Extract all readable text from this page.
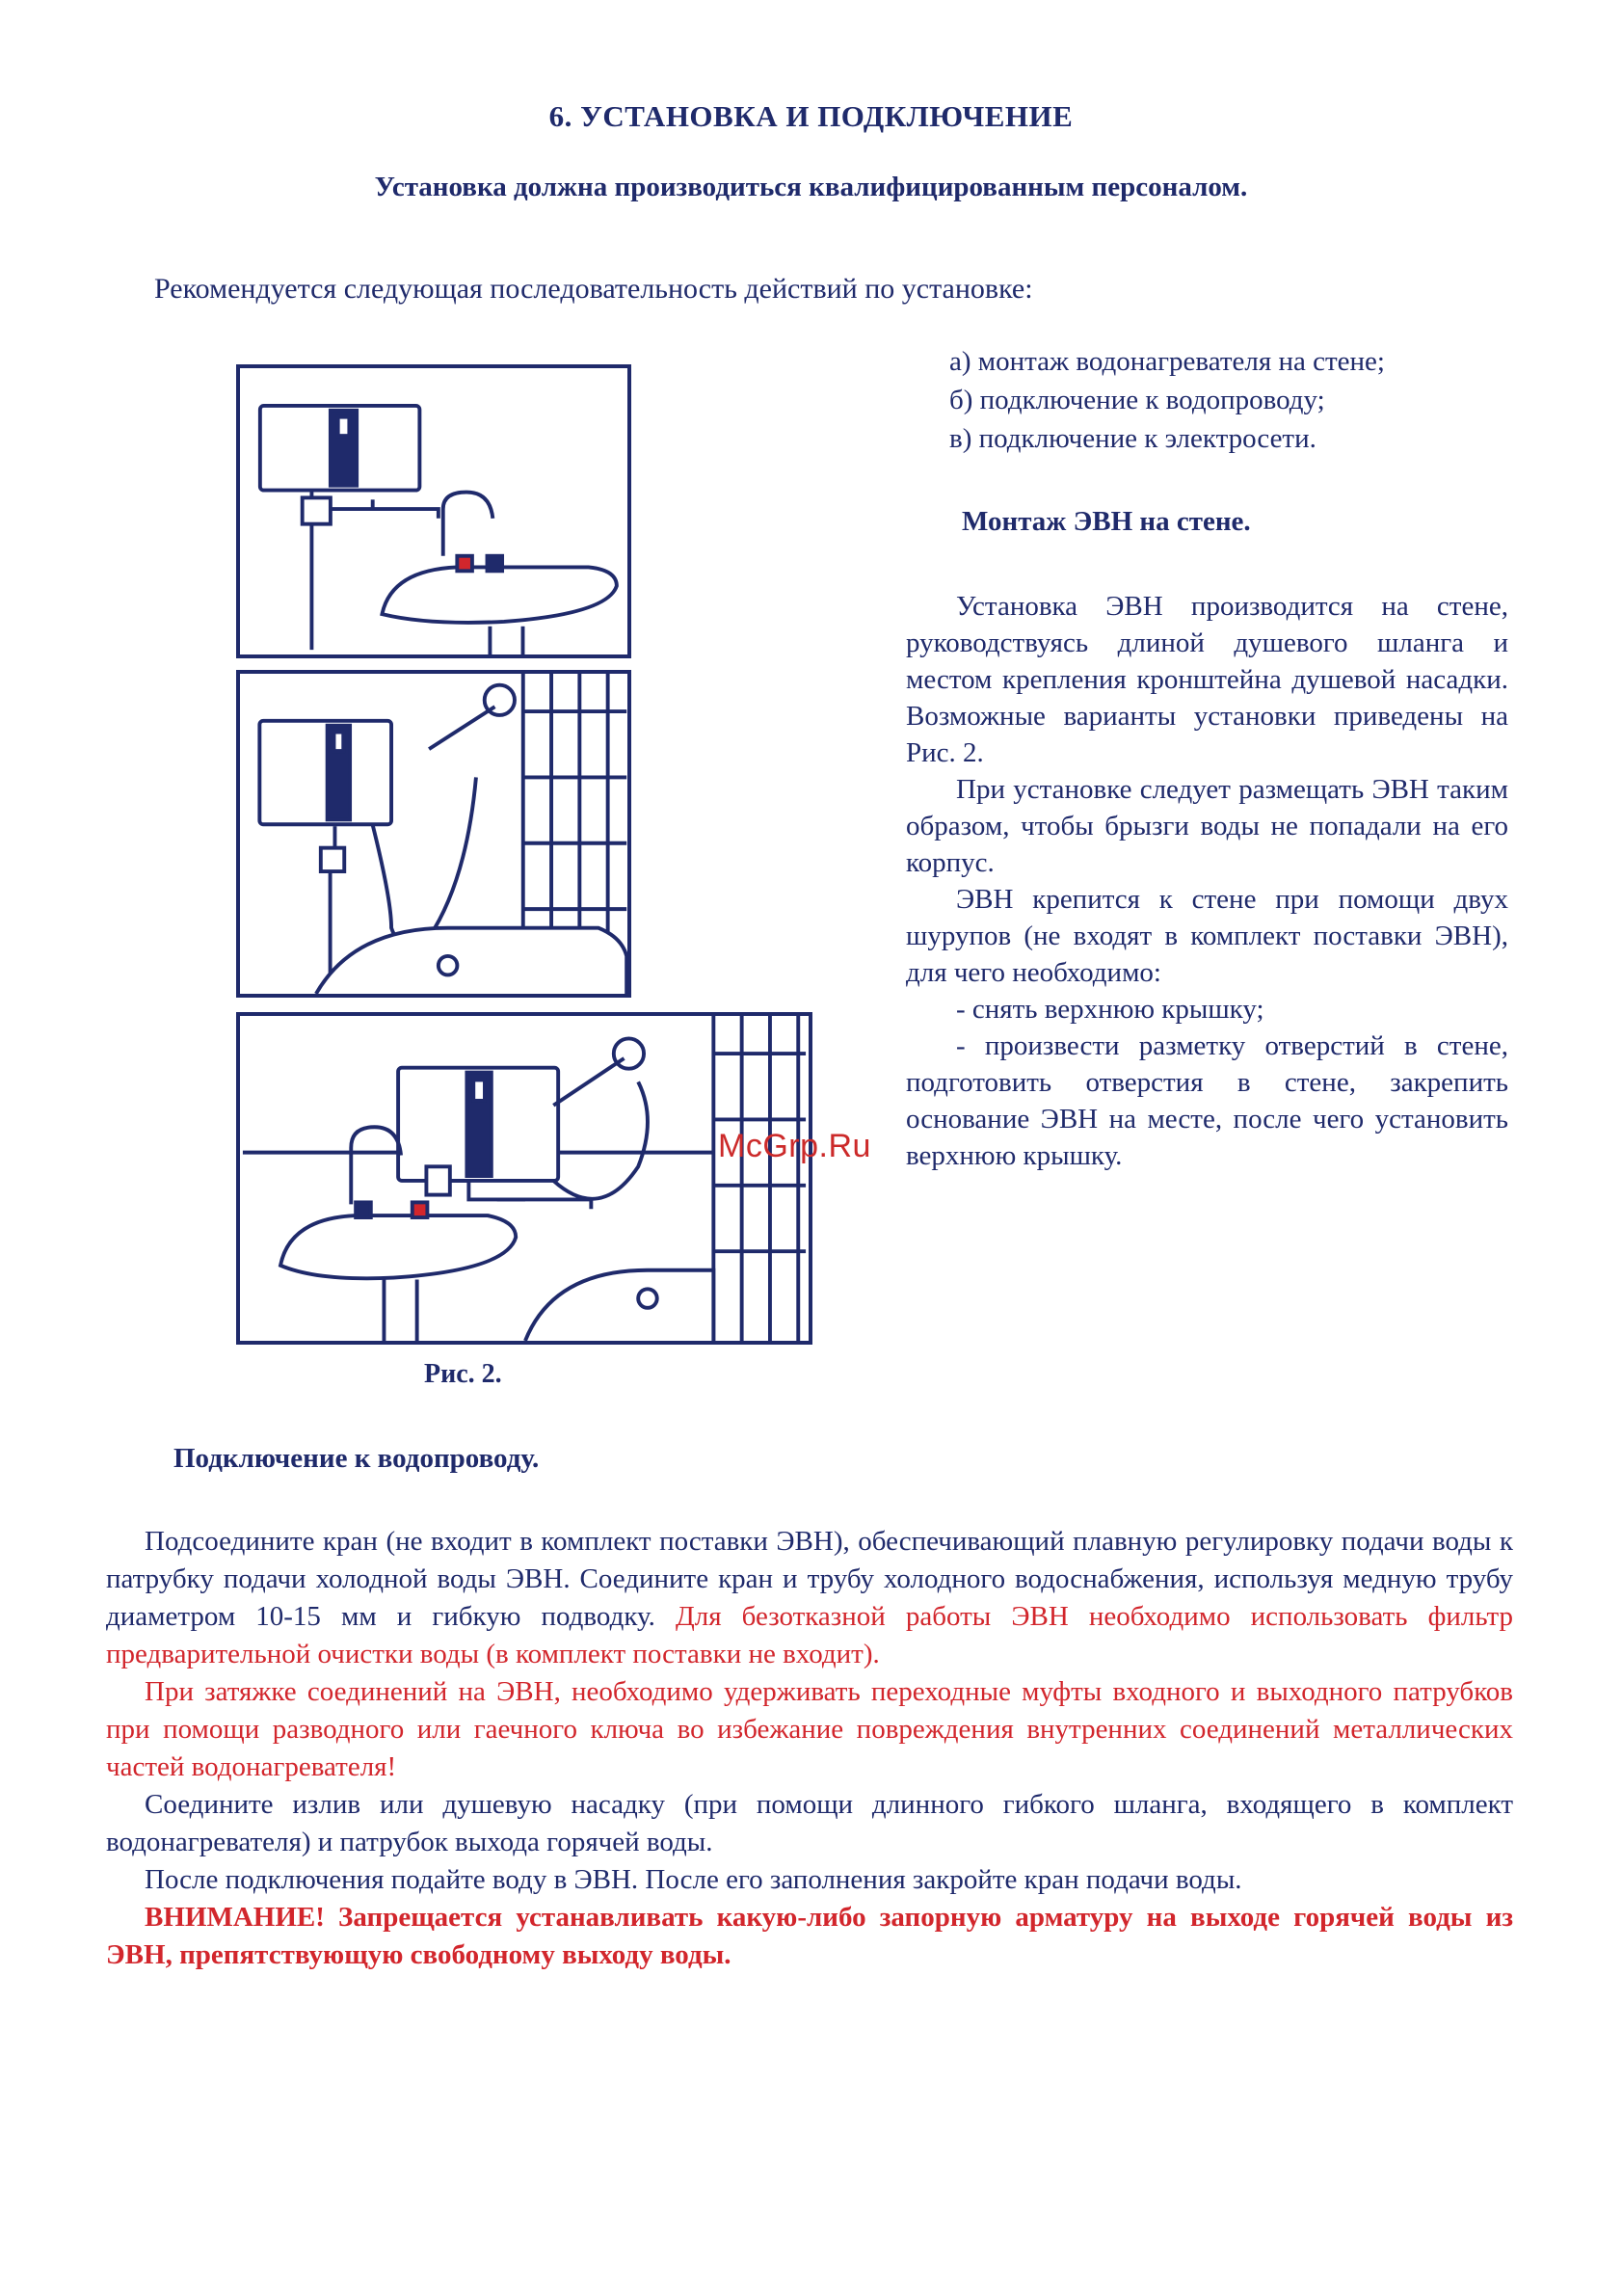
6. УСТАНОВКА И ПОДКЛЮЧЕНИЕ
Установка должна производиться квалифицированным персоналом.
Рекомендуется следующая последовательность действий по установке:
а) монтаж водонагревателя на стене;
б) подключение к водопроводу;
в) подключение к электросети.
Монтаж ЭВН на стене.

Установка ЭВН производится на стене, руководствуясь длиной душевого шланга и местом крепления кронштейна душевой насадки. Возможные варианты установки приведены на Рис. 2.

При установке следует размещать ЭВН таким образом, чтобы брызги воды не попадали на его корпус.

ЭВН крепится к стене при помощи двух шурупов (не входят в комплект поставки ЭВН), для чего необходимо:

- снять верхнюю крышку;

- произвести разметку отверстий в стене, подготовить отверстия в стене, закрепить основание ЭВН на месте, после чего установить верхнюю крышку.

Рис. 2.
McGrp.Ru
Подключение к водопроводу.

Подсоедините кран (не входит в комплект поставки ЭВН), обеспечивающий плавную регулировку подачи воды к патрубку подачи холодной воды ЭВН. Соедините кран и трубу холодного водоснабжения, используя медную трубу диаметром 10-15 мм и гибкую подводку. Для безотказной работы ЭВН необходимо использовать фильтр предварительной очистки воды (в комплект поставки не входит).

При затяжке соединений на ЭВН, необходимо удерживать переходные муфты входного и выходного патрубков при помощи разводного или гаечного ключа во избежание повреждения внутренних соединений металлических частей водонагревателя!

Соедините излив или душевую насадку (при помощи длинного гибкого шланга, входящего в комплект водонагревателя) и патрубок выхода горячей воды.

После подключения подайте воду в ЭВН. После его заполнения закройте кран подачи воды.

ВНИМАНИЕ! Запрещается устанавливать какую-либо запорную арматуру на выходе горячей воды из ЭВН, препятствующую свободному выходу воды.
